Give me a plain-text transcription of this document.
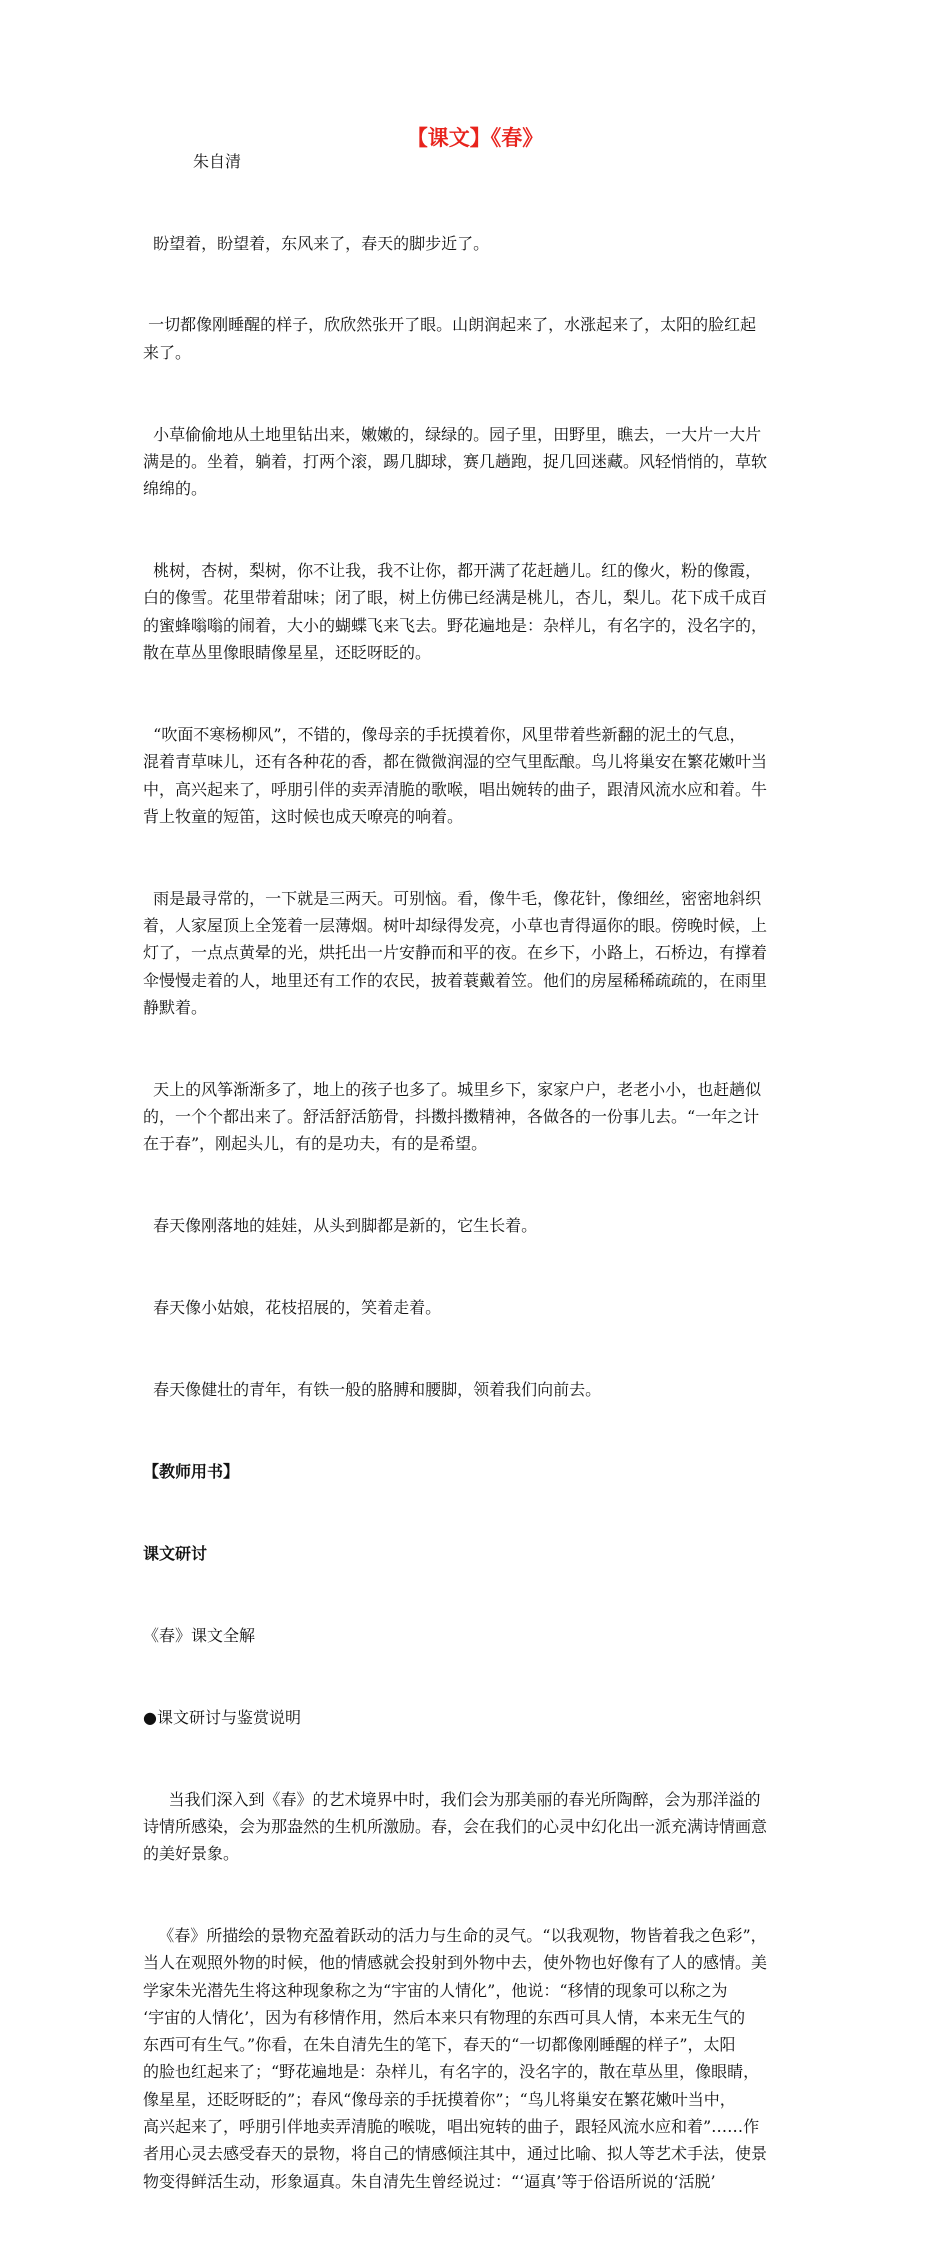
【课文】《春》
朱自清

盼望着，盼望着，东风来了，春天的脚步近了。

一切都像刚睡醒的样子，欣欣然张开了眼。山朗润起来了，水涨起来了，太阳的脸红起
来了。

小草偷偷地从土地里钻出来，嫩嫩的，绿绿的。园子里，田野里，瞧去，一大片一大片
满是的。坐着，躺着，打两个滚，踢几脚球，赛几趟跑，捉几回迷藏。风轻悄悄的，草软
绵绵的。

桃树，杏树，梨树，你不让我，我不让你，都开满了花赶趟儿。红的像火，粉的像霞，
白的像雪。花里带着甜味；闭了眼，树上仿佛已经满是桃儿，杏儿，梨儿。花下成千成百
的蜜蜂嗡嗡的闹着，大小的蝴蝶飞来飞去。野花遍地是：杂样儿，有名字的，没名字的，
散在草丛里像眼睛像星星，还眨呀眨的。

“吹面不寒杨柳风”，不错的，像母亲的手抚摸着你，风里带着些新翻的泥土的气息，
混着青草味儿，还有各种花的香，都在微微润湿的空气里酝酿。鸟儿将巢安在繁花嫩叶当
中，高兴起来了，呼朋引伴的卖弄清脆的歌喉，唱出婉转的曲子，跟清风流水应和着。牛
背上牧童的短笛，这时候也成天嘹亮的响着。

雨是最寻常的，一下就是三两天。可别恼。看，像牛毛，像花针，像细丝，密密地斜织
着，人家屋顶上全笼着一层薄烟。树叶却绿得发亮，小草也青得逼你的眼。傍晚时候，上
灯了，一点点黄晕的光，烘托出一片安静而和平的夜。在乡下，小路上，石桥边，有撑着
伞慢慢走着的人，地里还有工作的农民，披着蓑戴着笠。他们的房屋稀稀疏疏的，在雨里
静默着。

天上的风筝渐渐多了，地上的孩子也多了。城里乡下，家家户户，老老小小，也赶趟似
的，一个个都出来了。舒活舒活筋骨，抖擞抖擞精神，各做各的一份事儿去。“一年之计
在于春”，刚起头儿，有的是功夫，有的是希望。

春天像刚落地的娃娃，从头到脚都是新的，它生长着。

春天像小姑娘，花枝招展的，笑着走着。

春天像健壮的青年，有铁一般的胳膊和腰脚，领着我们向前去。

【教师用书】

课文研讨

《春》课文全解

●课文研讨与鉴赏说明

当我们深入到《春》的艺术境界中时，我们会为那美丽的春光所陶醉，会为那洋溢的
诗情所感染，会为那盎然的生机所激励。春，会在我们的心灵中幻化出一派充满诗情画意
的美好景象。

《春》所描绘的景物充盈着跃动的活力与生命的灵气。“以我观物，物皆着我之色彩”，
当人在观照外物的时候，他的情感就会投射到外物中去，使外物也好像有了人的感情。美
学家朱光潜先生将这种现象称之为“宇宙的人情化”，他说：“移情的现象可以称之为
‘宇宙的人情化’，因为有移情作用，然后本来只有物理的东西可具人情，本来无生气的
东西可有生气。”你看，在朱自清先生的笔下，春天的“一切都像刚睡醒的样子”，太阳
的脸也红起来了；“野花遍地是：杂样儿，有名字的，没名字的，散在草丛里，像眼睛，
像星星，还眨呀眨的”；春风“像母亲的手抚摸着你”；“鸟儿将巢安在繁花嫩叶当中，
高兴起来了，呼朋引伴地卖弄清脆的喉咙，唱出宛转的曲子，跟轻风流水应和着”……作
者用心灵去感受春天的景物，将自己的情感倾注其中，通过比喻、拟人等艺术手法，使景
物变得鲜活生动，形象逼真。朱自清先生曾经说过：“‘逼真’等于俗语所说的‘活脱’
